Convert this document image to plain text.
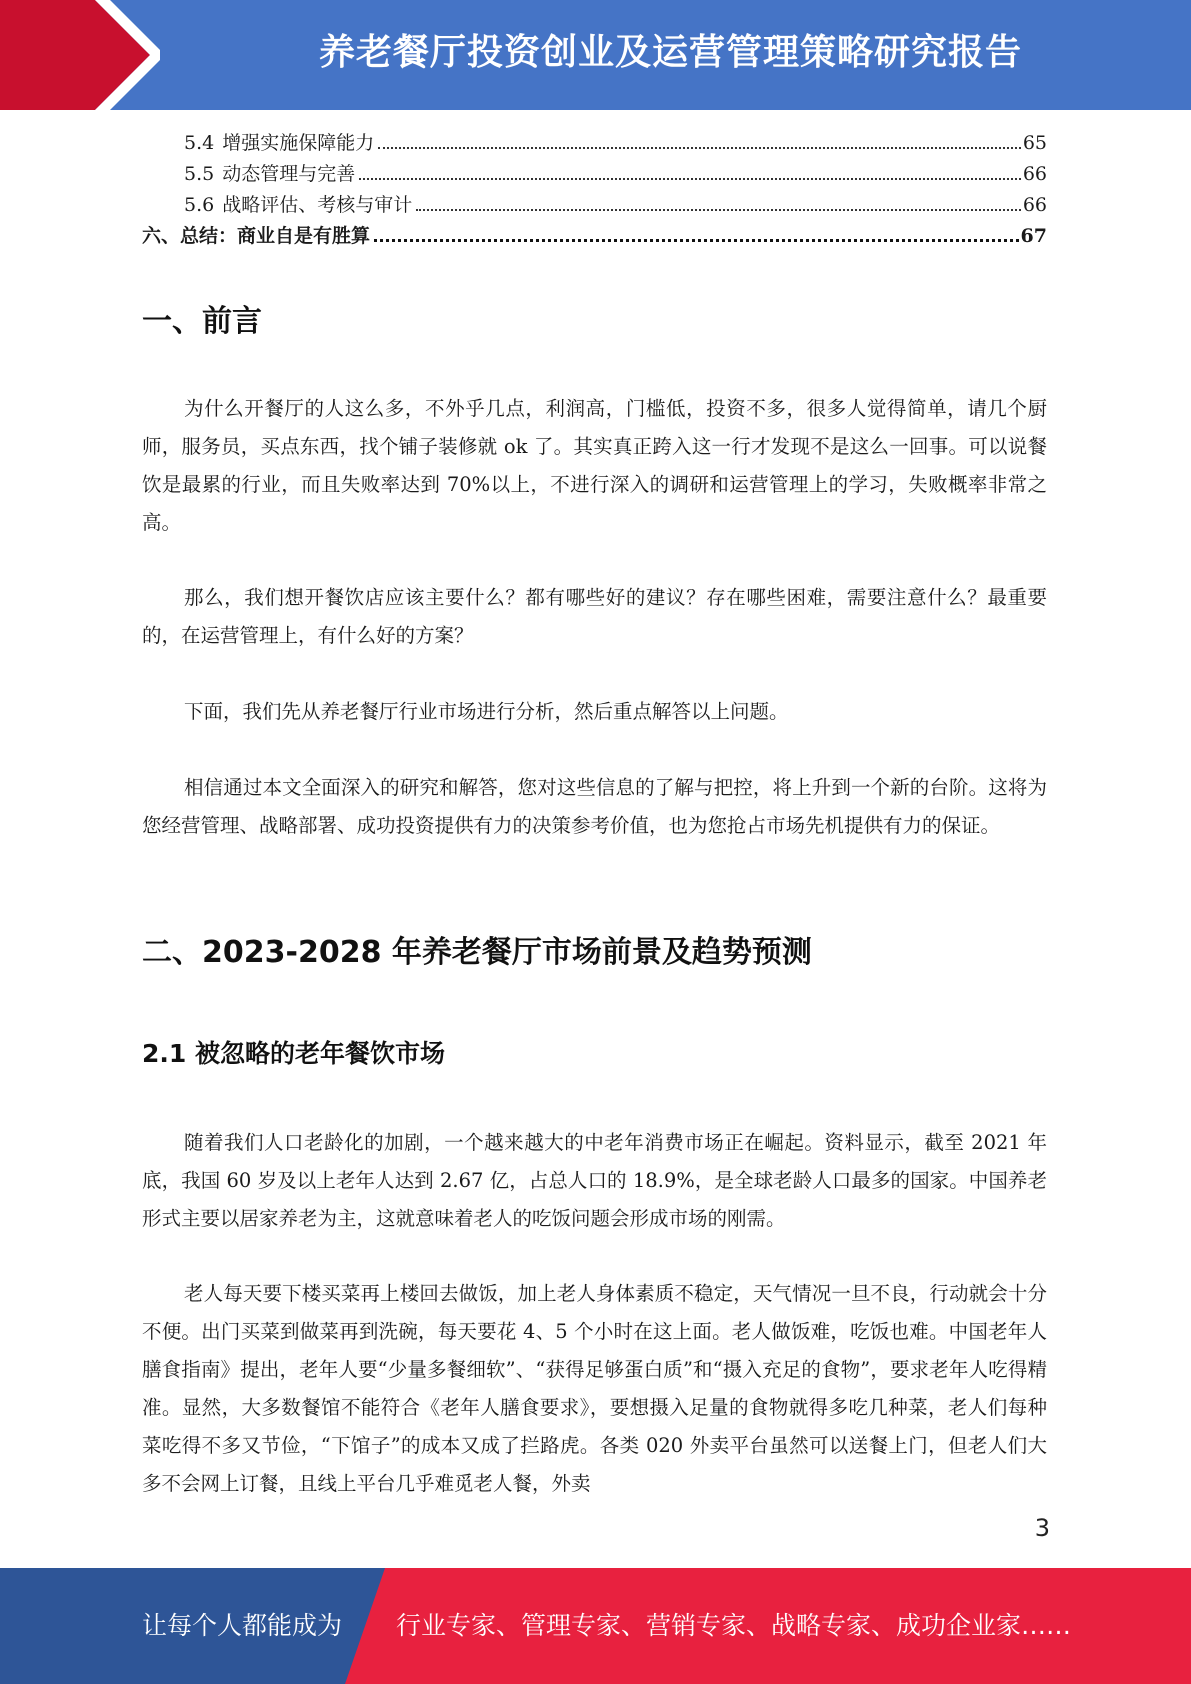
养老餐厅投资创业及运营管理策略研究报告
5.4 增强实施保障能力	65
5.5 动态管理与完善	66
5.6 战略评估、考核与审计	66
六、总结：商业自是有胜算	67
一、前言

为什么开餐厅的人这么多，不外乎几点，利润高，门槛低，投资不多，很多人觉得简单，请几个厨师，服务员，买点东西，找个铺子装修就 ok 了。其实真正跨入这一行才发现不是这么一回事。可以说餐饮是最累的行业，而且失败率达到 70%以上，不进行深入的调研和运营管理上的学习，失败概率非常之高。

那么，我们想开餐饮店应该主要什么？都有哪些好的建议？存在哪些困难，需要注意什么？最重要的，在运营管理上，有什么好的方案？

下面，我们先从养老餐厅行业市场进行分析，然后重点解答以上问题。

相信通过本文全面深入的研究和解答，您对这些信息的了解与把控，将上升到一个新的台阶。这将为您经营管理、战略部署、成功投资提供有力的决策参考价值，也为您抢占市场先机提供有力的保证。

二、2023-2028 年养老餐厅市场前景及趋势预测
2.1 被忽略的老年餐饮市场

随着我们人口老龄化的加剧，一个越来越大的中老年消费市场正在崛起。资料显示，截至 2021 年底，我国 60 岁及以上老年人达到 2.67 亿，占总人口的 18.9%，是全球老龄人口最多的国家。中国养老形式主要以居家养老为主，这就意味着老人的吃饭问题会形成市场的刚需。

老人每天要下楼买菜再上楼回去做饭，加上老人身体素质不稳定，天气情况一旦不良，行动就会十分不便。出门买菜到做菜再到洗碗，每天要花 4、5 个小时在这上面。老人做饭难，吃饭也难。中国老年人膳食指南》提出，老年人要“少量多餐细软”、“获得足够蛋白质”和“摄入充足的食物”，要求老年人吃得精准。显然，大多数餐馆不能符合《老年人膳食要求》，要想摄入足量的食物就得多吃几种菜，老人们每种菜吃得不多又节俭，“下馆子”的成本又成了拦路虎。各类 020 外卖平台虽然可以送餐上门，但老人们大多不会网上订餐，且线上平台几乎难觅老人餐，外卖

3
让每个人都能成为 行业专家、管理专家、营销专家、战略专家、成功企业家……
